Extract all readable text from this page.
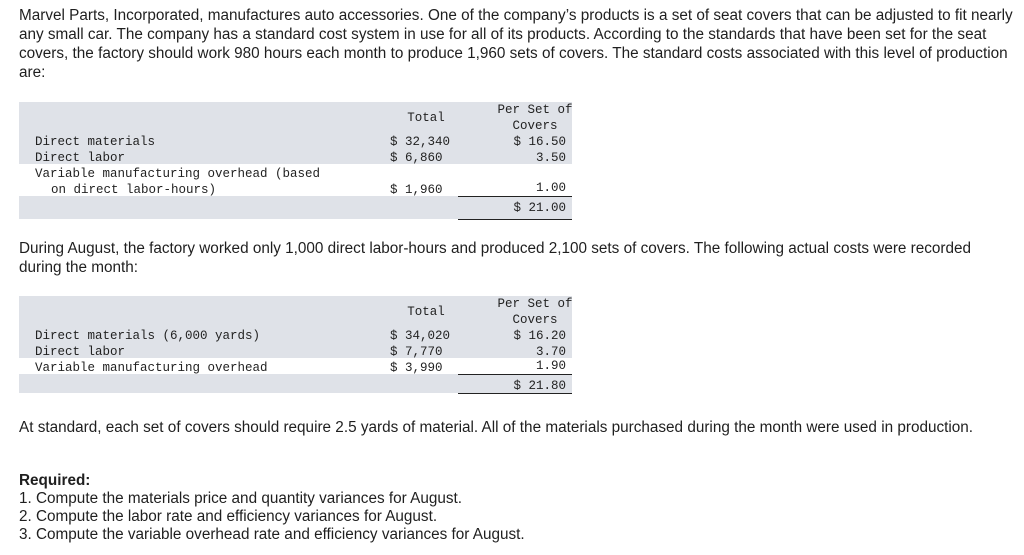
Marvel Parts, Incorporated, manufactures auto accessories. One of the company’s products is a set of seat covers that can be adjusted to fit nearly any small car. The company has a standard cost system in use for all of its products. According to the standards that have been set for the seat covers, the factory should work 980 hours each month to produce 1,960 sets of covers. The standard costs associated with this level of production are:

Total
Per Set of
Covers
Direct materials	$ 32,340	$ 16.50
Direct labor	$ 6,860	3.50
Variable manufacturing overhead (based
on direct labor-hours)	$ 1,960	1.00
$ 21.00

During August, the factory worked only 1,000 direct labor-hours and produced 2,100 sets of covers. The following actual costs were recorded during the month:

Total
Per Set of
Covers
Direct materials (6,000 yards)	$ 34,020	$ 16.20
Direct labor	$ 7,770	3.70
Variable manufacturing overhead	$ 3,990	1.90
$ 21.80

At standard, each set of covers should require 2.5 yards of material. All of the materials purchased during the month were used in production.

Required:
1. Compute the materials price and quantity variances for August.
2. Compute the labor rate and efficiency variances for August.
3. Compute the variable overhead rate and efficiency variances for August.
